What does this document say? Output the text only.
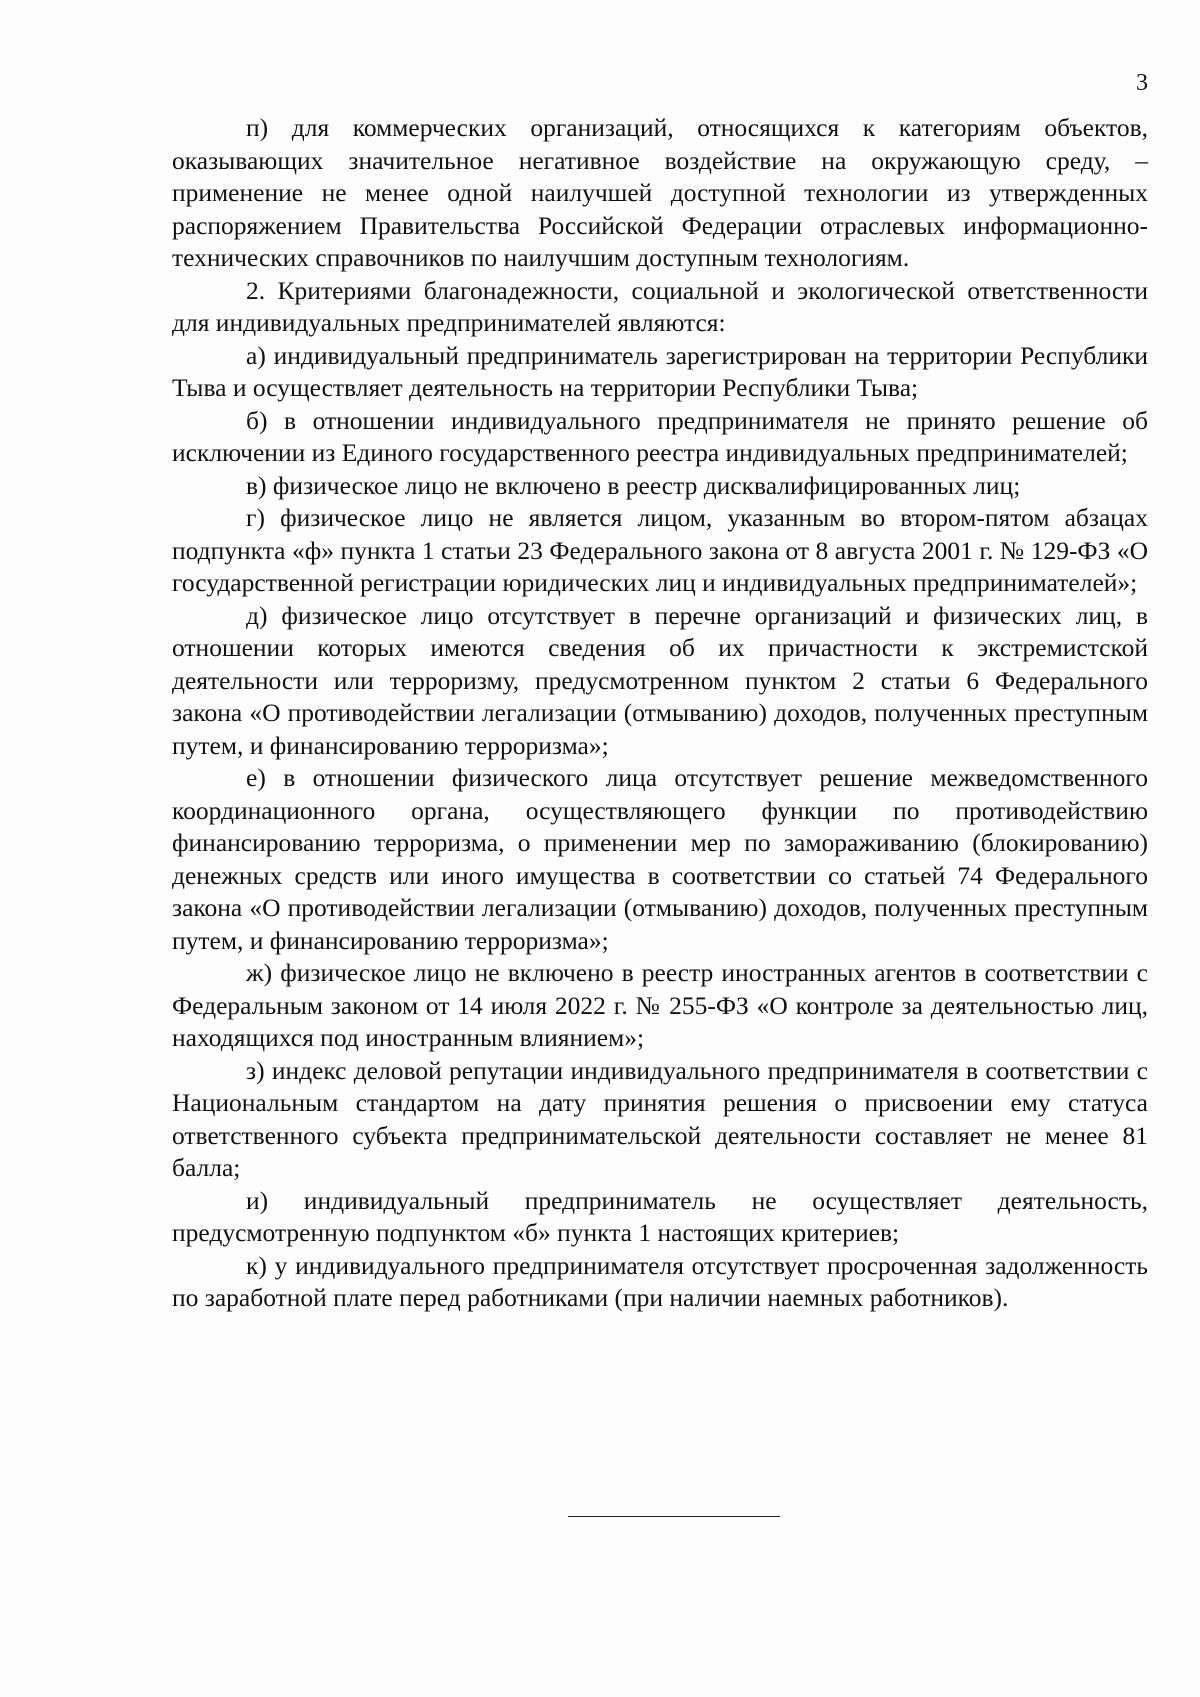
3

п) для коммерческих организаций, относящихся к категориям объектов, оказывающих значительное негативное воздействие на окружающую среду, – применение не менее одной наилучшей доступной технологии из утвержденных распоряжением Правительства Российской Федерации отраслевых информационно-технических справочников по наилучшим доступным технологиям.

2. Критериями благонадежности, социальной и экологической ответственности для индивидуальных предпринимателей являются:

а) индивидуальный предприниматель зарегистрирован на территории Республики Тыва и осуществляет деятельность на территории Республики Тыва;

б) в отношении индивидуального предпринимателя не принято решение об исключении из Единого государственного реестра индивидуальных предпринимателей;

в) физическое лицо не включено в реестр дисквалифицированных лиц;

г) физическое лицо не является лицом, указанным во втором-пятом абзацах подпункта «ф» пункта 1 статьи 23 Федерального закона от 8 августа 2001 г. № 129-ФЗ «О государственной регистрации юридических лиц и индивидуальных предпринимателей»;

д) физическое лицо отсутствует в перечне организаций и физических лиц, в отношении которых имеются сведения об их причастности к экстремистской деятельности или терроризму, предусмотренном пунктом 2 статьи 6 Федерального закона «О противодействии легализации (отмыванию) доходов, полученных преступным путем, и финансированию терроризма»;

е) в отношении физического лица отсутствует решение межведомственного координационного органа, осуществляющего функции по противодействию финансированию терроризма, о применении мер по замораживанию (блокированию) денежных средств или иного имущества в соответствии со статьей 74 Федерального закона «О противодействии легализации (отмыванию) доходов, полученных преступным путем, и финансированию терроризма»;

ж) физическое лицо не включено в реестр иностранных агентов в соответствии с Федеральным законом от 14 июля 2022 г. № 255-ФЗ «О контроле за деятельностью лиц, находящихся под иностранным влиянием»;

з) индекс деловой репутации индивидуального предпринимателя в соответствии с Национальным стандартом на дату принятия решения о присвоении ему статуса ответственного субъекта предпринимательской деятельности составляет не менее 81 балла;

и) индивидуальный предприниматель не осуществляет деятельность, предусмотренную подпунктом «б» пункта 1 настоящих критериев;

к) у индивидуального предпринимателя отсутствует просроченная задолженность по заработной плате перед работниками (при наличии наемных работников).
